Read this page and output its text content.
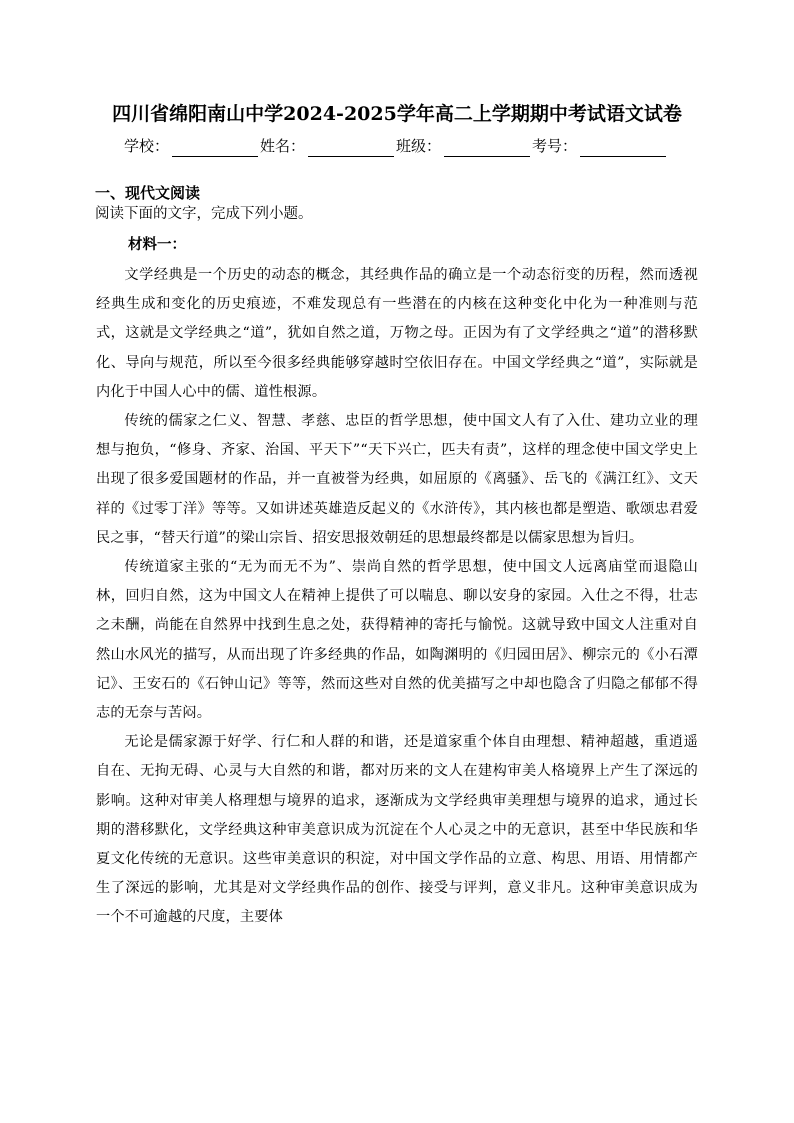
四川省绵阳南山中学2024-2025学年高二上学期期中考试语文试卷
学校：	姓名：	班级：	考号：
一、现代文阅读
阅读下面的文字，完成下列小题。
材料一：

文学经典是一个历史的动态的概念，其经典作品的确立是一个动态衍变的历程，然而透视经典生成和变化的历史痕迹，不难发现总有一些潜在的内核在这种变化中化为一种准则与范式，这就是文学经典之“道”，犹如自然之道，万物之母。正因为有了文学经典之“道”的潜移默化、导向与规范，所以至今很多经典能够穿越时空依旧存在。中国文学经典之“道”，实际就是内化于中国人心中的儒、道性根源。

传统的儒家之仁义、智慧、孝慈、忠臣的哲学思想，使中国文人有了入仕、建功立业的理想与抱负，“修身、齐家、治国、平天下”“天下兴亡，匹夫有责”，这样的理念使中国文学史上出现了很多爱国题材的作品，并一直被誉为经典，如屈原的《离骚》、岳飞的《满江红》、文天祥的《过零丁洋》等等。又如讲述英雄造反起义的《水浒传》，其内核也都是塑造、歌颂忠君爱民之事，“替天行道”的梁山宗旨、招安思报效朝廷的思想最终都是以儒家思想为旨归。

传统道家主张的“无为而无不为”、崇尚自然的哲学思想，使中国文人远离庙堂而退隐山林，回归自然，这为中国文人在精神上提供了可以喘息、聊以安身的家园。入仕之不得，壮志之未酬，尚能在自然界中找到生息之处，获得精神的寄托与愉悦。这就导致中国文人注重对自然山水风光的描写，从而出现了许多经典的作品，如陶渊明的《归园田居》、柳宗元的《小石潭记》、王安石的《石钟山记》等等，然而这些对自然的优美描写之中却也隐含了归隐之郁郁不得志的无奈与苦闷。

无论是儒家源于好学、行仁和人群的和谐，还是道家重个体自由理想、精神超越，重逍遥自在、无拘无碍、心灵与大自然的和谐，都对历来的文人在建构审美人格境界上产生了深远的影响。这种对审美人格理想与境界的追求，逐渐成为文学经典审美理想与境界的追求，通过长期的潜移默化，文学经典这种审美意识成为沉淀在个人心灵之中的无意识，甚至中华民族和华夏文化传统的无意识。这些审美意识的积淀，对中国文学作品的立意、构思、用语、用情都产生了深远的影响，尤其是对文学经典作品的创作、接受与评判，意义非凡。这种审美意识成为一个不可逾越的尺度，主要体
